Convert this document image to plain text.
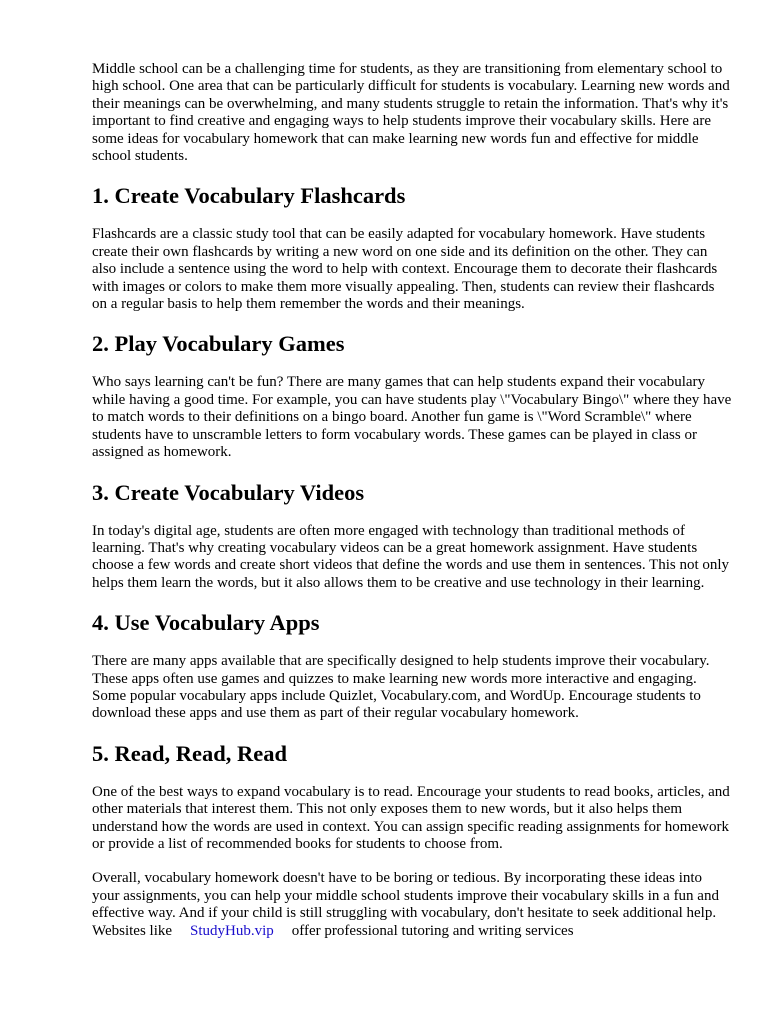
Middle school can be a challenging time for students, as they are transitioning from elementary school to high school. One area that can be particularly difficult for students is vocabulary. Learning new words and their meanings can be overwhelming, and many students struggle to retain the information. That's why it's important to find creative and engaging ways to help students improve their vocabulary skills. Here are some ideas for vocabulary homework that can make learning new words fun and effective for middle school students.

1. Create Vocabulary Flashcards

Flashcards are a classic study tool that can be easily adapted for vocabulary homework. Have students create their own flashcards by writing a new word on one side and its definition on the other. They can also include a sentence using the word to help with context. Encourage them to decorate their flashcards with images or colors to make them more visually appealing. Then, students can review their flashcards on a regular basis to help them remember the words and their meanings.

2. Play Vocabulary Games

Who says learning can't be fun? There are many games that can help students expand their vocabulary while having a good time. For example, you can have students play \"Vocabulary Bingo\" where they have to match words to their definitions on a bingo board. Another fun game is \"Word Scramble\" where students have to unscramble letters to form vocabulary words. These games can be played in class or assigned as homework.

3. Create Vocabulary Videos

In today's digital age, students are often more engaged with technology than traditional methods of learning. That's why creating vocabulary videos can be a great homework assignment. Have students choose a few words and create short videos that define the words and use them in sentences. This not only helps them learn the words, but it also allows them to be creative and use technology in their learning.

4. Use Vocabulary Apps

There are many apps available that are specifically designed to help students improve their vocabulary. These apps often use games and quizzes to make learning new words more interactive and engaging. Some popular vocabulary apps include Quizlet, Vocabulary.com, and WordUp. Encourage students to download these apps and use them as part of their regular vocabulary homework.

5. Read, Read, Read

One of the best ways to expand vocabulary is to read. Encourage your students to read books, articles, and other materials that interest them. This not only exposes them to new words, but it also helps them understand how the words are used in context. You can assign specific reading assignments for homework or provide a list of recommended books for students to choose from.

Overall, vocabulary homework doesn't have to be boring or tedious. By incorporating these ideas into your assignments, you can help your middle school students improve their vocabulary skills in a fun and effective way. And if your child is still struggling with vocabulary, don't hesitate to seek additional help. Websites like StudyHub.vip offer professional tutoring and writing services
